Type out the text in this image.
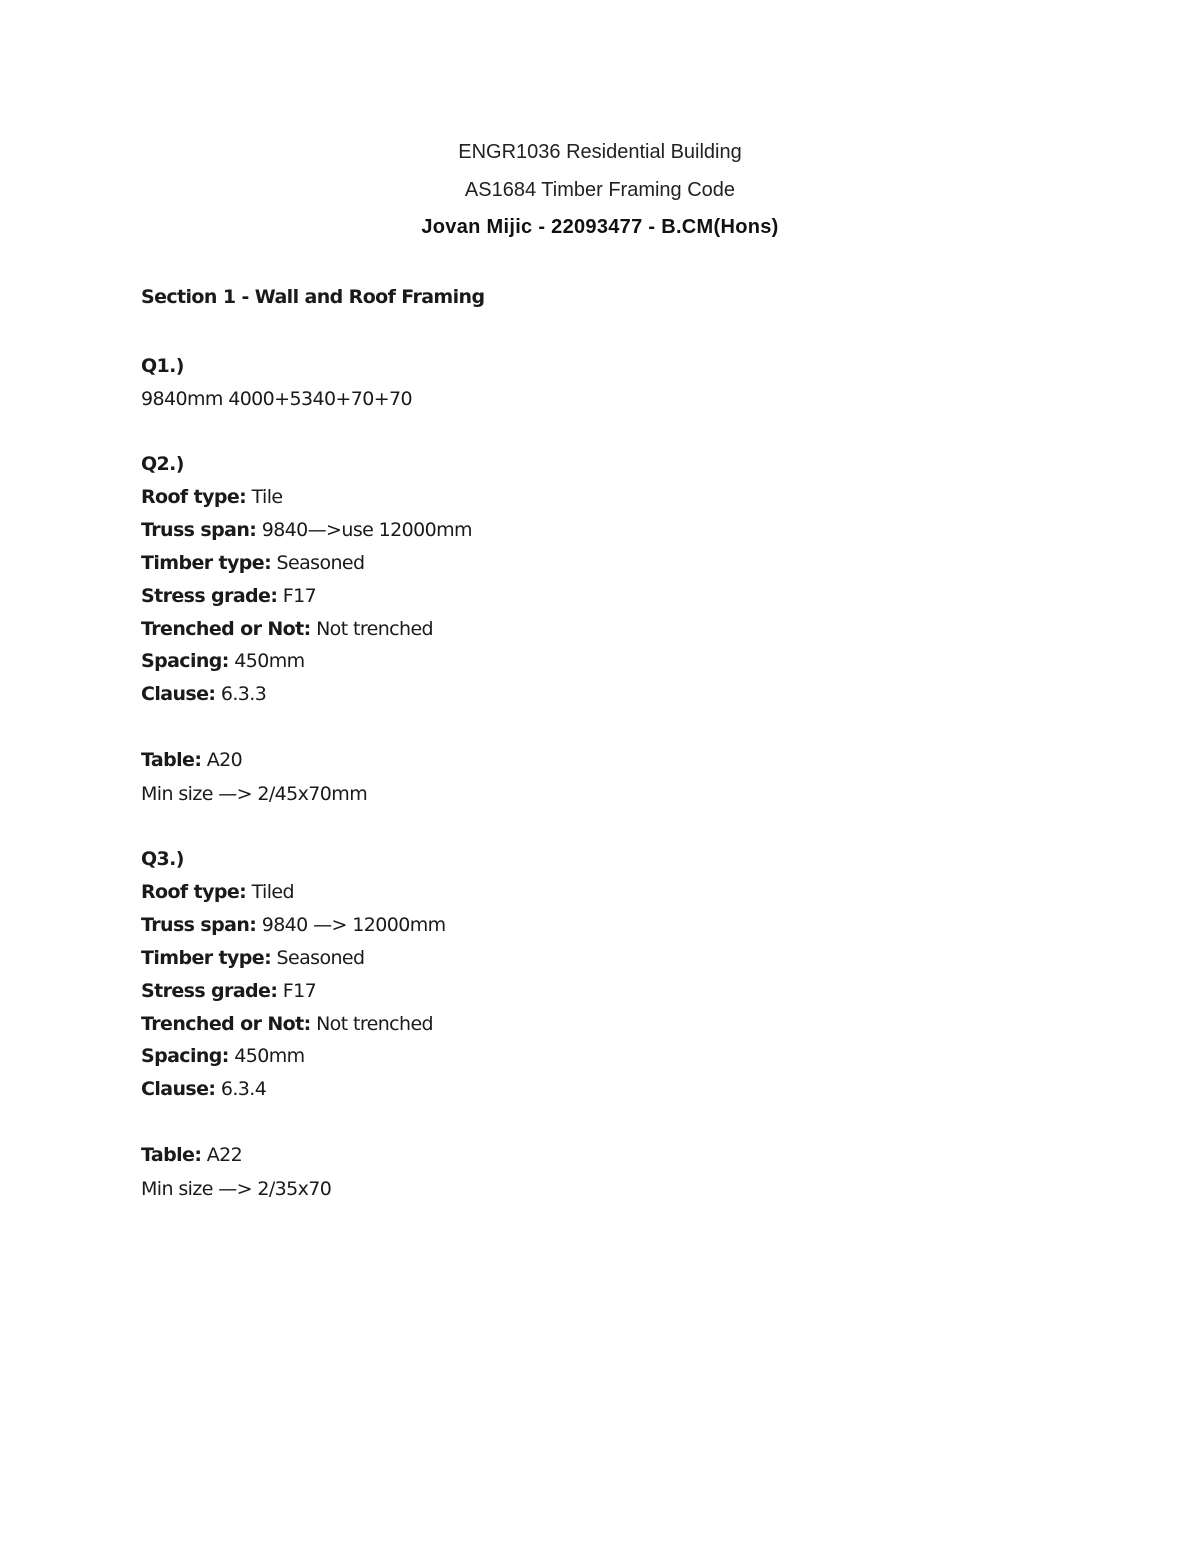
ENGR1036 Residential Building
AS1684 Timber Framing Code
Jovan Mijic - 22093477 - B.CM(Hons)
Section 1 - Wall and Roof Framing
Q1.)
9840mm 4000+5340+70+70
Q2.)
Roof type: Tile
Truss span: 9840—>use 12000mm
Timber type: Seasoned
Stress grade: F17
Trenched or Not: Not trenched
Spacing: 450mm
Clause: 6.3.3
Table: A20
Min size —> 2/45x70mm
Q3.)
Roof type: Tiled
Truss span: 9840 —> 12000mm
Timber type: Seasoned
Stress grade: F17
Trenched or Not: Not trenched
Spacing: 450mm
Clause: 6.3.4
Table: A22
Min size —> 2/35x70
